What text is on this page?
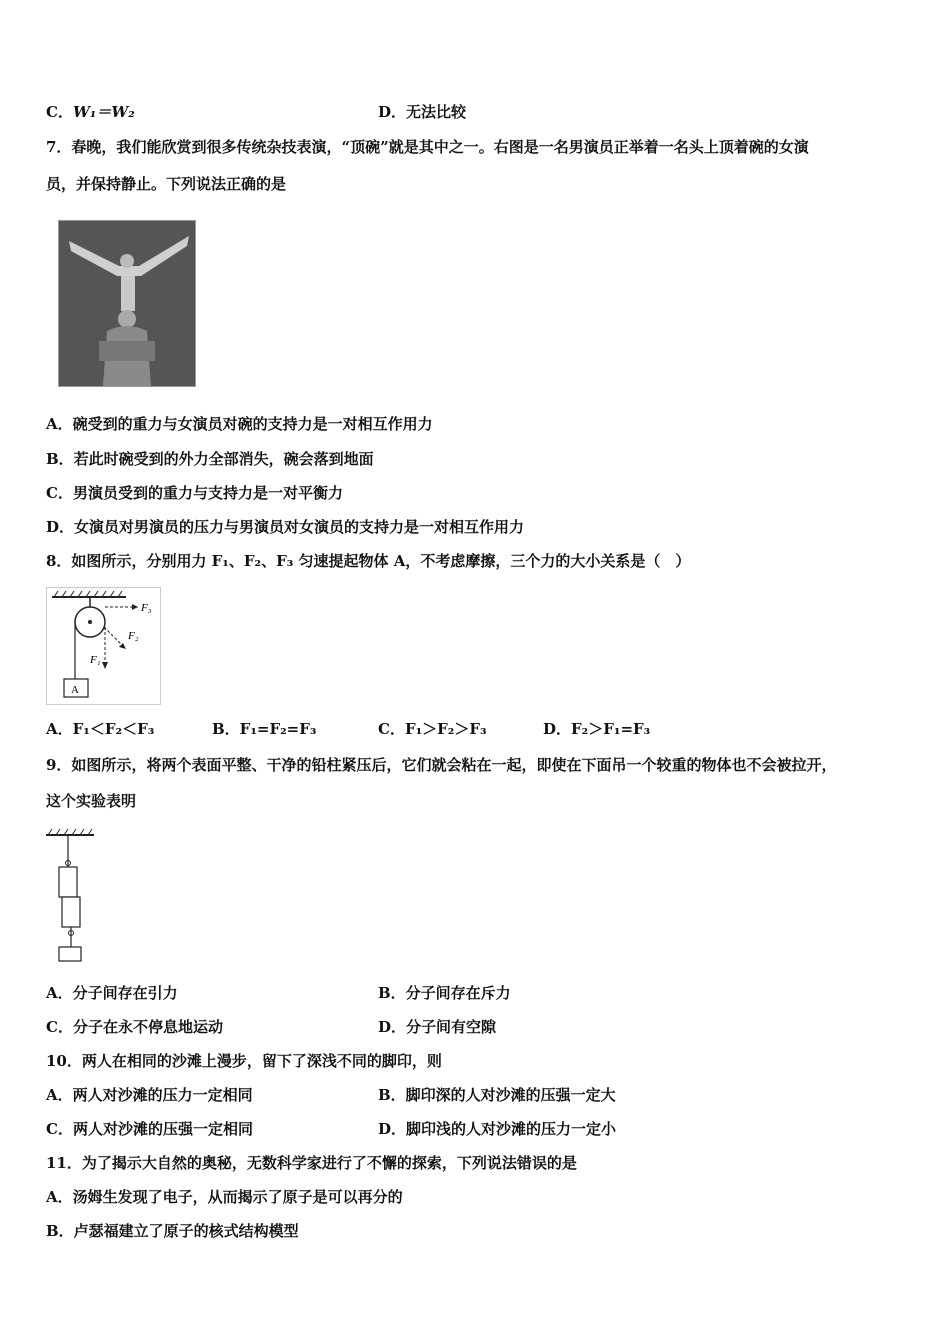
C．W₁＝W₂	D．无法比较
7．春晚，我们能欣赏到很多传统杂技表演，“顶碗”就是其中之一。右图是一名男演员正举着一名头上顶着碗的女演
员，并保持静止。下列说法正确的是
A．碗受到的重力与女演员对碗的支持力是一对相互作用力
B．若此时碗受到的外力全部消失，碗会落到地面
C．男演员受到的重力与支持力是一对平衡力
D．女演员对男演员的压力与男演员对女演员的支持力是一对相互作用力
8．如图所示，分别用力 F₁、F₂、F₃ 匀速提起物体 A，不考虑摩擦，三个力的大小关系是（　）
F₃
F₂
F₁
A
A．F₁＜F₂＜F₃	B．F₁=F₂=F₃	C．F₁＞F₂＞F₃	D．F₂＞F₁=F₃
9．如图所示，将两个表面平整、干净的铅柱紧压后，它们就会粘在一起，即使在下面吊一个较重的物体也不会被拉开，
这个实验表明
A．分子间存在引力	B．分子间存在斥力
C．分子在永不停息地运动	D．分子间有空隙
10．两人在相同的沙滩上漫步，留下了深浅不同的脚印，则
A．两人对沙滩的压力一定相同	B．脚印深的人对沙滩的压强一定大
C．两人对沙滩的压强一定相同	D．脚印浅的人对沙滩的压力一定小
11．为了揭示大自然的奥秘，无数科学家进行了不懈的探索，下列说法错误的是
A．汤姆生发现了电子，从而揭示了原子是可以再分的
B．卢瑟福建立了原子的核式结构模型
